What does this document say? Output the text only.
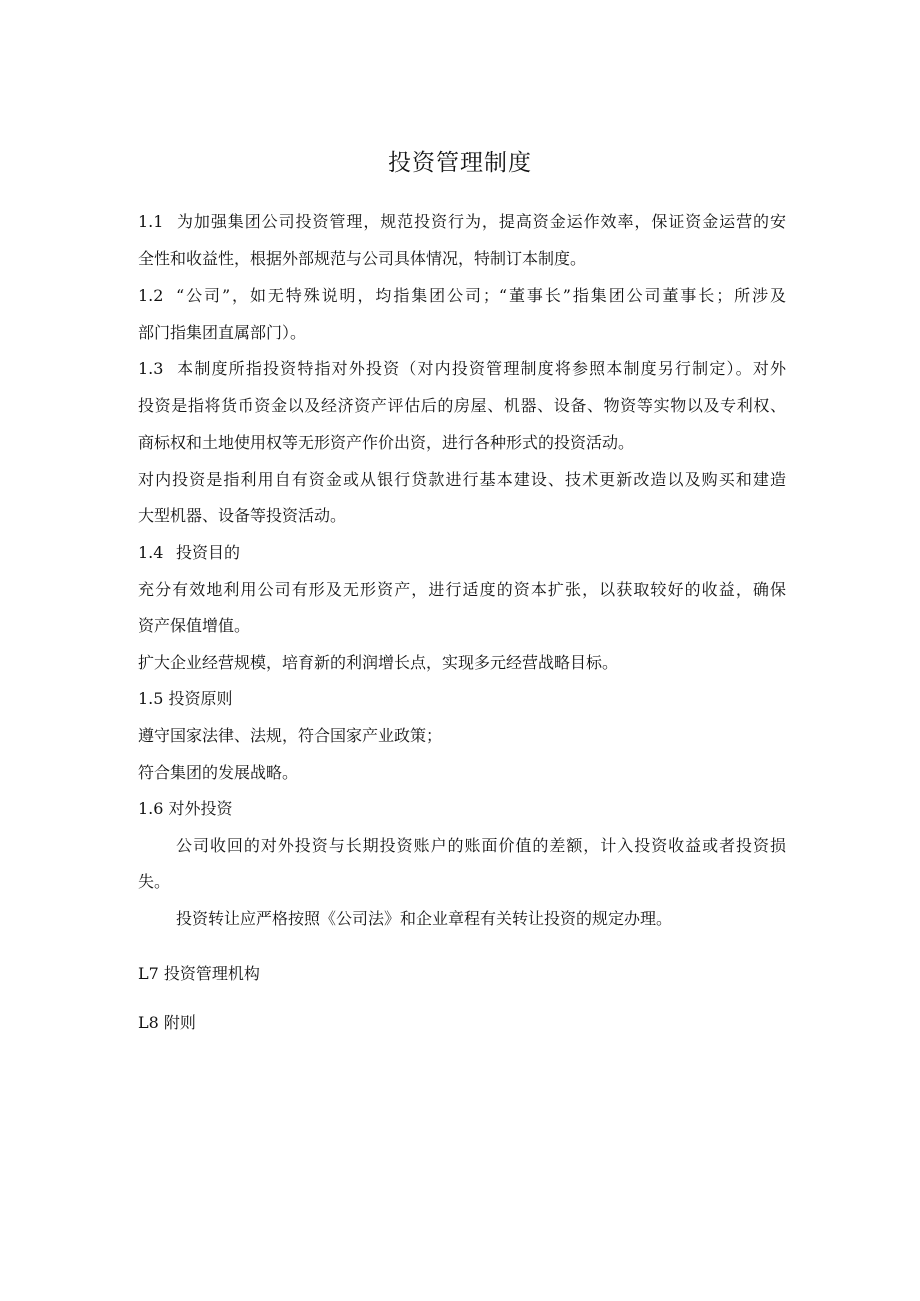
投资管理制度
1.1 为加强集团公司投资管理，规范投资行为，提高资金运作效率，保证资金运营的安
全性和收益性，根据外部规范与公司具体情况，特制订本制度。
1.2 “公司”，如无特殊说明，均指集团公司；“董事长”指集团公司董事长；所涉及
部门指集团直属部门）。
1.3 本制度所指投资特指对外投资（对内投资管理制度将参照本制度另行制定）。对外
投资是指将货币资金以及经济资产评估后的房屋、机器、设备、物资等实物以及专利权、
商标权和土地使用权等无形资产作价出资，进行各种形式的投资活动。
对内投资是指利用自有资金或从银行贷款进行基本建设、技术更新改造以及购买和建造
大型机器、设备等投资活动。
1.4 投资目的
充分有效地利用公司有形及无形资产，进行适度的资本扩张，以获取较好的收益，确保
资产保值增值。
扩大企业经营规模，培育新的利润增长点，实现多元经营战略目标。
1.5 投资原则
遵守国家法律、法规，符合国家产业政策；
符合集团的发展战略。
1.6 对外投资
公司收回的对外投资与长期投资账户的账面价值的差额，计入投资收益或者投资损
失。
投资转让应严格按照《公司法》和企业章程有关转让投资的规定办理。
L7 投资管理机构
L8 附则
